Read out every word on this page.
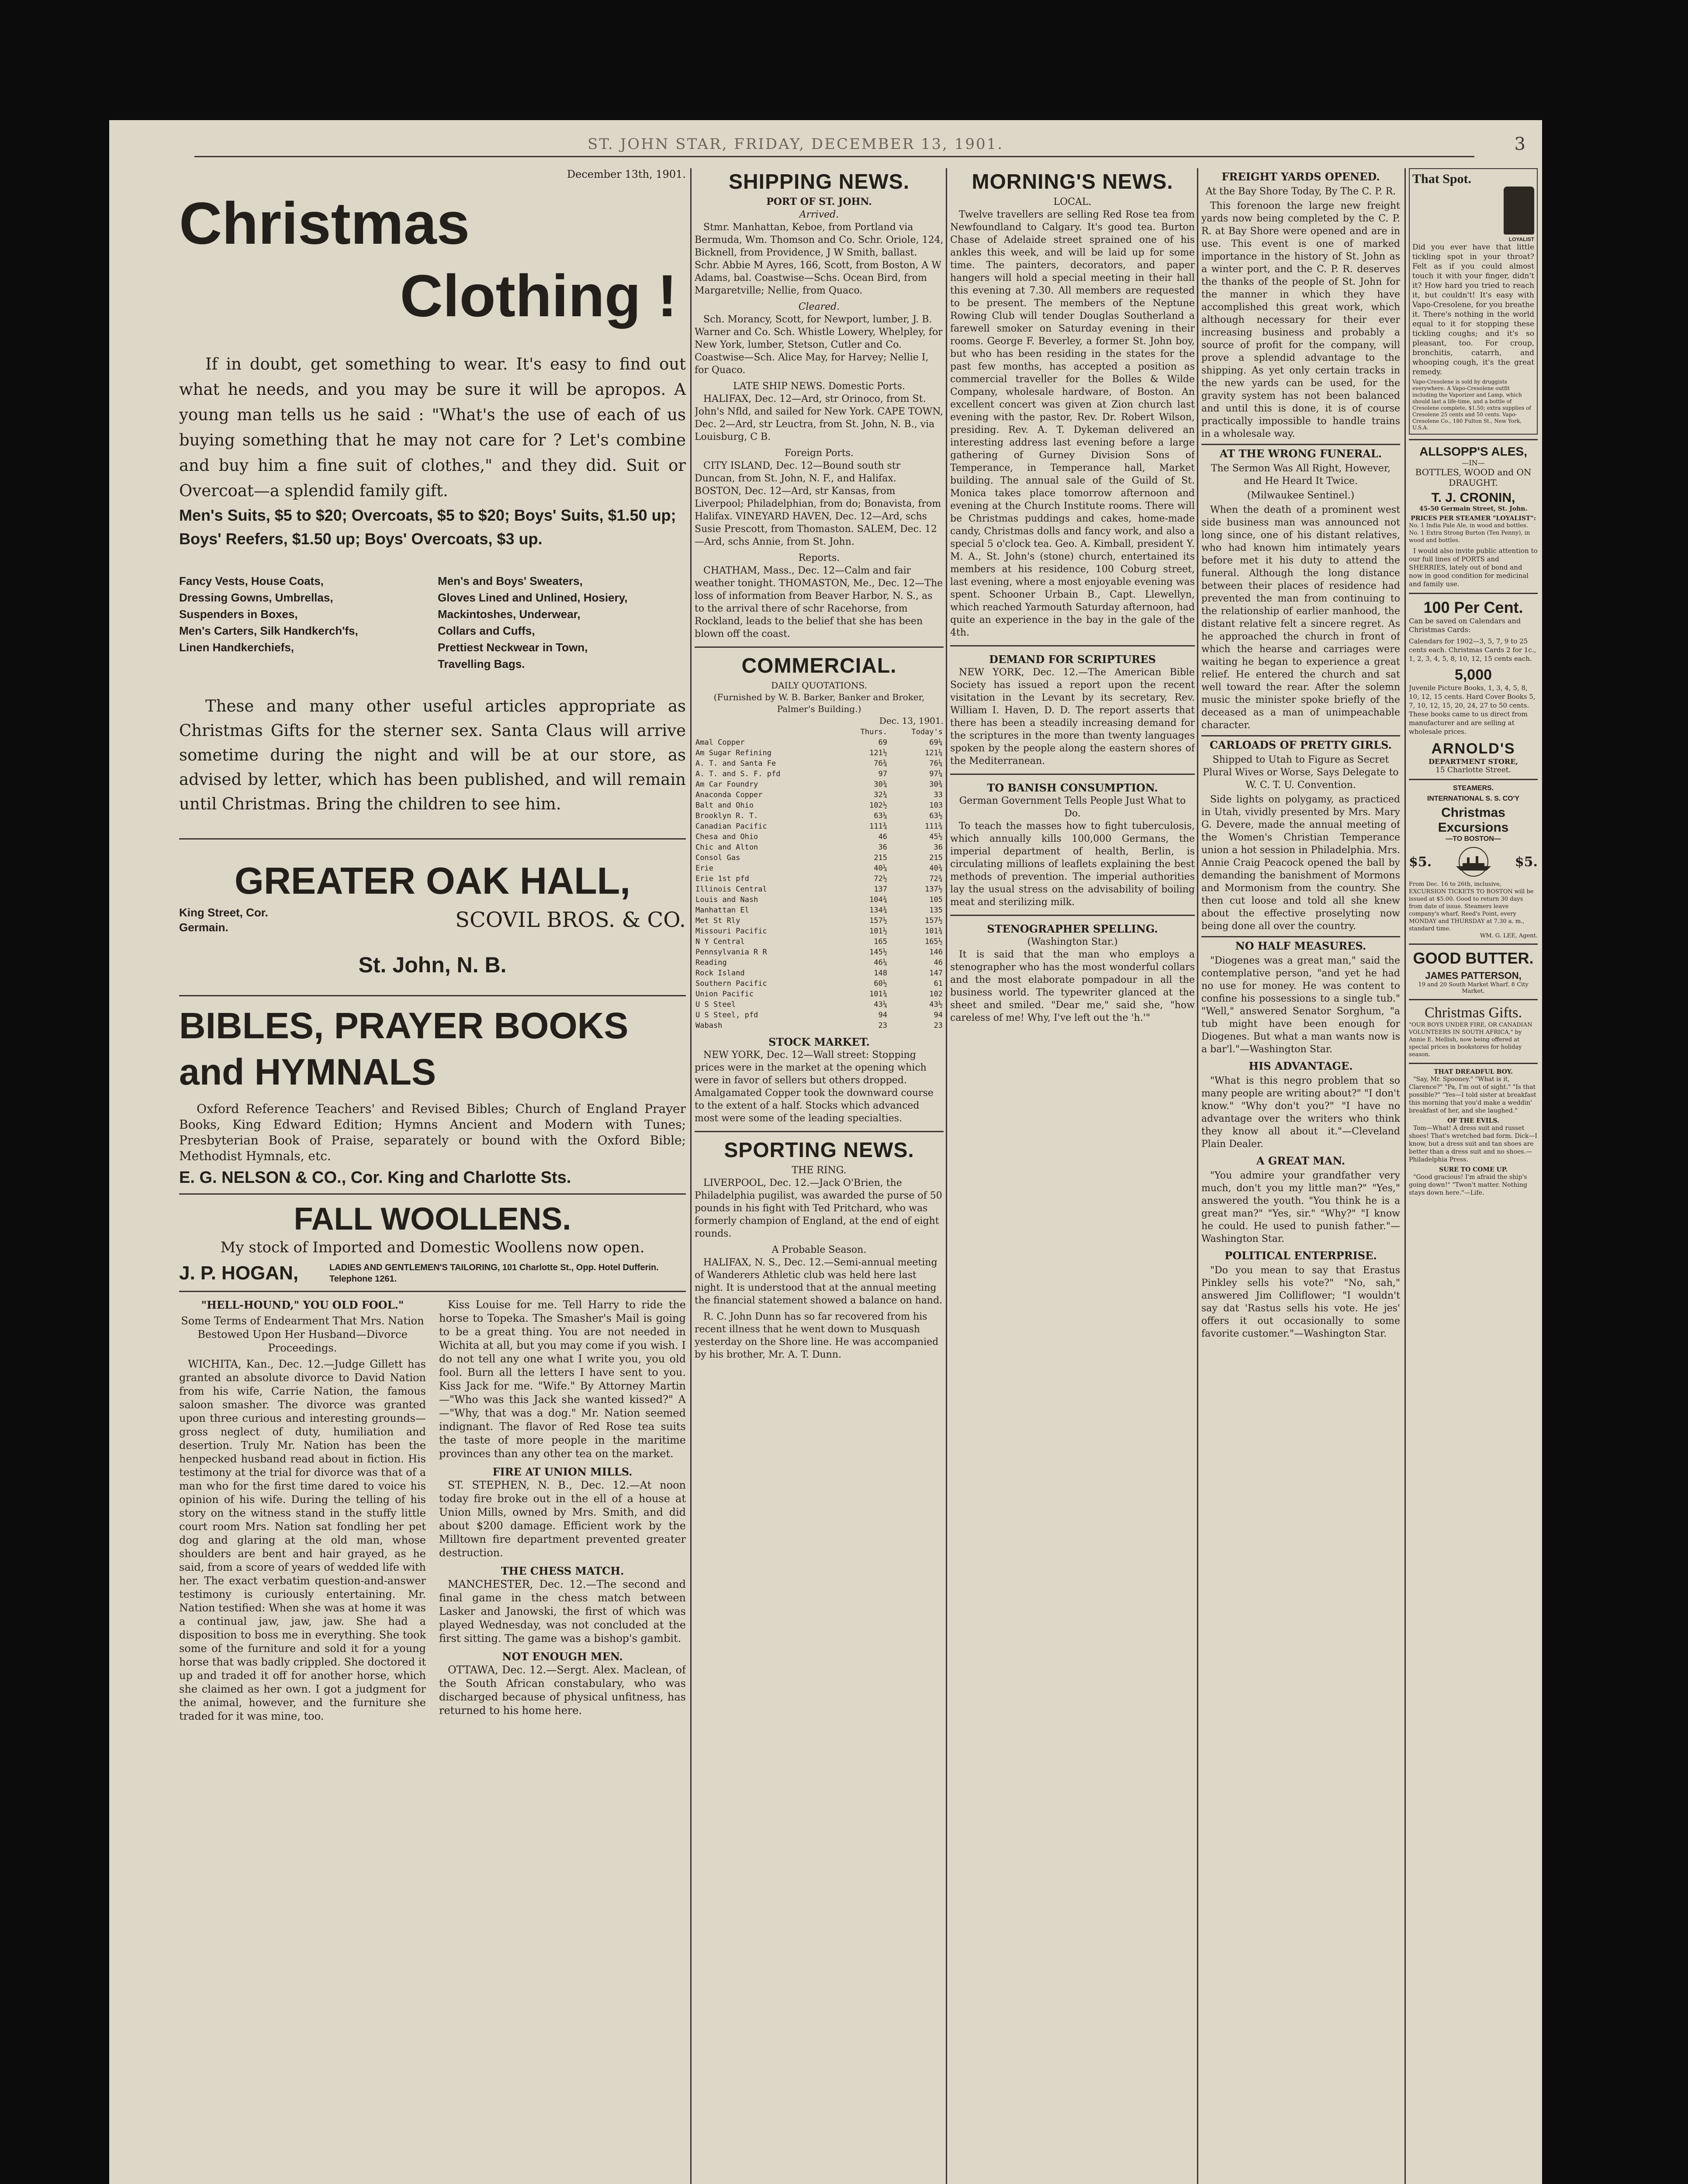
ST. JOHN STAR, FRIDAY, DECEMBER 13, 1901.	3
December 13th, 1901.
Christmas
Clothing !

If in doubt, get something to wear. It's easy to find out what he needs, and you may be sure it will be apropos. A young man tells us he said : "What's the use of each of us buying something that he may not care for ? Let's combine and buy him a fine suit of clothes," and they did. Suit or Overcoat—a splendid family gift.

Men's Suits, $5 to $20; Overcoats, $5 to $20; Boys' Suits, $1.50 up; Boys' Reefers, $1.50 up; Boys' Overcoats, $3 up.

Fancy Vests, House Coats,
Dressing Gowns, Umbrellas,
Suspenders in Boxes,
Men's Carters, Silk Handkerch'fs,
Linen Handkerchiefs,
Men's and Boys' Sweaters,
Gloves Lined and Unlined, Hosiery,
Mackintoshes, Underwear,
Collars and Cuffs,
Prettiest Neckwear in Town,
Travelling Bags.

These and many other useful articles appropriate as Christmas Gifts for the sterner sex. Santa Claus will arrive sometime during the night and will be at our store, as advised by letter, which has been published, and will remain until Christmas. Bring the children to see him.

GREATER OAK HALL,
King Street, Cor. Germain.	SCOVIL BROS. & CO.
St. John, N. B.
BIBLES, PRAYER BOOKS and HYMNALS

Oxford Reference Teachers' and Revised Bibles; Church of England Prayer Books, King Edward Edition; Hymns Ancient and Modern with Tunes; Presbyterian Book of Praise, separately or bound with the Oxford Bible; Methodist Hymnals, etc.

E. G. NELSON & CO., Cor. King and Charlotte Sts.
FALL WOOLLENS.
My stock of Imported and Domestic Woollens now open.
J. P. HOGAN,	LADIES AND GENTLEMEN'S TAILORING, 101 Charlotte St., Opp. Hotel Dufferin. Telephone 1261.
"HELL-HOUND," YOU OLD FOOL."
Some Terms of Endearment That Mrs. Nation Bestowed Upon Her Husband—Divorce Proceedings.

WICHITA, Kan., Dec. 12.—Judge Gillett has granted an absolute divorce to David Nation from his wife, Carrie Nation, the famous saloon smasher. The divorce was granted upon three curious and interesting grounds—gross neglect of duty, humiliation and desertion. Truly Mr. Nation has been the henpecked husband read about in fiction. His testimony at the trial for divorce was that of a man who for the first time dared to voice his opinion of his wife. During the telling of his story on the witness stand in the stuffy little court room Mrs. Nation sat fondling her pet dog and glaring at the old man, whose shoulders are bent and hair grayed, as he said, from a score of years of wedded life with her. The exact verbatim question-and-answer testimony is curiously entertaining. Mr. Nation testified: When she was at home it was a continual jaw, jaw, jaw. She had a disposition to boss me in everything. She took some of the furniture and sold it for a young horse that was badly crippled. She doctored it up and traded it off for another horse, which she claimed as her own. I got a judgment for the animal, however, and the furniture she traded for it was mine, too.

Kiss Louise for me. Tell Harry to ride the horse to Topeka. The Smasher's Mail is going to be a great thing. You are not needed in Wichita at all, but you may come if you wish. I do not tell any one what I write you, you old fool. Burn all the letters I have sent to you. Kiss Jack for me. "Wife." By Attorney Martin—"Who was this Jack she wanted kissed?" A—"Why, that was a dog." Mr. Nation seemed indignant. The flavor of Red Rose tea suits the taste of more people in the maritime provinces than any other tea on the market.

FIRE AT UNION MILLS.

ST. STEPHEN, N. B., Dec. 12.—At noon today fire broke out in the ell of a house at Union Mills, owned by Mrs. Smith, and did about $200 damage. Efficient work by the Milltown fire department prevented greater destruction.

THE CHESS MATCH.

MANCHESTER, Dec. 12.—The second and final game in the chess match between Lasker and Janowski, the first of which was played Wednesday, was not concluded at the first sitting. The game was a bishop's gambit.

NOT ENOUGH MEN.

OTTAWA, Dec. 12.—Sergt. Alex. Maclean, of the South African constabulary, who was discharged because of physical unfitness, has returned to his home here.

SHIPPING NEWS.
PORT OF ST. JOHN.
Arrived.

Stmr. Manhattan, Keboe, from Portland via Bermuda, Wm. Thomson and Co. Schr. Oriole, 124, Bicknell, from Providence, J W Smith, ballast. Schr. Abbie M Ayres, 166, Scott, from Boston, A W Adams, bal. Coastwise—Schs. Ocean Bird, from Margaretville; Nellie, from Quaco.

Cleared.

Sch. Morancy, Scott, for Newport, lumber, J. B. Warner and Co. Sch. Whistle Lowery, Whelpley, for New York, lumber, Stetson, Cutler and Co. Coastwise—Sch. Alice May, for Harvey; Nellie I, for Quaco.

LATE SHIP NEWS. Domestic Ports.

HALIFAX, Dec. 12—Ard, str Orinoco, from St. John's Nfld, and sailed for New York. CAPE TOWN, Dec. 2—Ard, str Leuctra, from St. John, N. B., via Louisburg, C B.

Foreign Ports.

CITY ISLAND, Dec. 12—Bound south str Duncan, from St. John, N. F., and Halifax. BOSTON, Dec. 12—Ard, str Kansas, from Liverpool; Philadelphian, from do; Bonavista, from Halifax. VINEYARD HAVEN, Dec. 12—Ard, schs Susie Prescott, from Thomaston. SALEM, Dec. 12—Ard, schs Annie, from St. John.

Reports.

CHATHAM, Mass., Dec. 12—Calm and fair weather tonight. THOMASTON, Me., Dec. 12—The loss of information from Beaver Harbor, N. S., as to the arrival there of schr Racehorse, from Rockland, leads to the belief that she has been blown off the coast.

COMMERCIAL.
DAILY QUOTATIONS.
(Furnished by W. B. Barker, Banker and Broker, Palmer's Building.)
Dec. 13, 1901.
	Thurs.	Today's
Amal Copper	69	69¼
Am Sugar Refining	121½	121¼
A. T. and Santa Fe	76¾	76¼
A. T. and S. F. pfd	97	97¼
Am Car Foundry	30¾	30¾
Anaconda Copper	32¾	33
Balt and Ohio	102½	103
Brooklyn R. T.	63¼	63½
Canadian Pacific	111¾	111¾
Chesa and Ohio	46	45½
Chic and Alton	36	36
Consol Gas	215	215
Erie	40¼	40¾
Erie 1st pfd	72½	72¾
Illinois Central	137	137½
Louis and Nash	104¾	105
Manhattan El	134¾	135
Met St Rly	157½	157½
Missouri Pacific	101½	101¾
N Y Central	165	165½
Pennsylvania R R	145½	146
Reading	46¼	46
Rock Island	148	147
Southern Pacific	60½	61
Union Pacific	101¾	102
U S Steel	43¼	43½
U S Steel, pfd	94	94
Wabash	23	23
STOCK MARKET.

NEW YORK, Dec. 12—Wall street: Stopping prices were in the market at the opening which were in favor of sellers but others dropped. Amalgamated Copper took the downward course to the extent of a half. Stocks which advanced most were some of the leading specialties.

SPORTING NEWS.
THE RING.

LIVERPOOL, Dec. 12.—Jack O'Brien, the Philadelphia pugilist, was awarded the purse of 50 pounds in his fight with Ted Pritchard, who was formerly champion of England, at the end of eight rounds.

A Probable Season.

HALIFAX, N. S., Dec. 12.—Semi-annual meeting of Wanderers Athletic club was held here last night. It is understood that at the annual meeting the financial statement showed a balance on hand.

R. C. John Dunn has so far recovered from his recent illness that he went down to Musquash yesterday on the Shore line. He was accompanied by his brother, Mr. A. T. Dunn.

MORNING'S NEWS.
LOCAL.

Twelve travellers are selling Red Rose tea from Newfoundland to Calgary. It's good tea. Burton Chase of Adelaide street sprained one of his ankles this week, and will be laid up for some time. The painters, decorators, and paper hangers will hold a special meeting in their hall this evening at 7.30. All members are requested to be present. The members of the Neptune Rowing Club will tender Douglas Southerland a farewell smoker on Saturday evening in their rooms. George F. Beverley, a former St. John boy, but who has been residing in the states for the past few months, has accepted a position as commercial traveller for the Bolles & Wilde Company, wholesale hardware, of Boston. An excellent concert was given at Zion church last evening with the pastor, Rev. Dr. Robert Wilson, presiding. Rev. A. T. Dykeman delivered an interesting address last evening before a large gathering of Gurney Division Sons of Temperance, in Temperance hall, Market building. The annual sale of the Guild of St. Monica takes place tomorrow afternoon and evening at the Church Institute rooms. There will be Christmas puddings and cakes, home-made candy, Christmas dolls and fancy work, and also a special 5 o'clock tea. Geo. A. Kimball, president Y. M. A., St. John's (stone) church, entertained its members at his residence, 100 Coburg street, last evening, where a most enjoyable evening was spent. Schooner Urbain B., Capt. Llewellyn, which reached Yarmouth Saturday afternoon, had quite an experience in the bay in the gale of the 4th.

DEMAND FOR SCRIPTURES

NEW YORK, Dec. 12.—The American Bible Society has issued a report upon the recent visitation in the Levant by its secretary, Rev. William I. Haven, D. D. The report asserts that there has been a steadily increasing demand for the scriptures in the more than twenty languages spoken by the people along the eastern shores of the Mediterranean.

TO BANISH CONSUMPTION.
German Government Tells People Just What to Do.

To teach the masses how to fight tuberculosis, which annually kills 100,000 Germans, the imperial department of health, Berlin, is circulating millions of leaflets explaining the best methods of prevention. The imperial authorities lay the usual stress on the advisability of boiling meat and sterilizing milk.

STENOGRAPHER SPELLING.
(Washington Star.)

It is said that the man who employs a stenographer who has the most wonderful collars and the most elaborate pompadour in all the business world. The typewriter glanced at the sheet and smiled. "Dear me," said she, "how careless of me! Why, I've left out the 'h.'"

FREIGHT YARDS OPENED.
At the Bay Shore Today, By The C. P. R.
This forenoon the large new freight yards now being completed by the C. P. R. at Bay Shore were opened and are in use. This event is one of marked importance in the history of St. John as a winter port, and the C. P. R. deserves the thanks of the people of St. John for the manner in which they have accomplished this great work, which although necessary for their ever increasing business and probably a source of profit for the company, will prove a splendid advantage to the shipping. As yet only certain tracks in the new yards can be used, for the gravity system has not been balanced and until this is done, it is of course practically impossible to handle trains in a wholesale way.
AT THE WRONG FUNERAL.
The Sermon Was All Right, However, and He Heard It Twice.
(Milwaukee Sentinel.)
When the death of a prominent west side business man was announced not long since, one of his distant relatives, who had known him intimately years before met it his duty to attend the funeral. Although the long distance between their places of residence had prevented the man from continuing to the relationship of earlier manhood, the distant relative felt a sincere regret. As he approached the church in front of which the hearse and carriages were waiting he began to experience a great relief. He entered the church and sat well toward the rear. After the solemn music the minister spoke briefly of the deceased as a man of unimpeachable character.
CARLOADS OF PRETTY GIRLS.
Shipped to Utah to Figure as Secret Plural Wives or Worse, Says Delegate to W. C. T. U. Convention.
Side lights on polygamy, as practiced in Utah, vividly presented by Mrs. Mary G. Devere, made the annual meeting of the Women's Christian Temperance union a hot session in Philadelphia. Mrs. Annie Craig Peacock opened the ball by demanding the banishment of Mormons and Mormonism from the country. She then cut loose and told all she knew about the effective proselyting now being done all over the country.
NO HALF MEASURES.
"Diogenes was a great man," said the contemplative person, "and yet he had no use for money. He was content to confine his possessions to a single tub." "Well," answered Senator Sorghum, "a tub might have been enough for Diogenes. But what a man wants now is a bar'l."—Washington Star.
HIS ADVANTAGE.
"What is this negro problem that so many people are writing about?" "I don't know." "Why don't you?" "I have no advantage over the writers who think they know all about it."—Cleveland Plain Dealer.
A GREAT MAN.
"You admire your grandfather very much, don't you my little man?" "Yes," answered the youth. "You think he is a great man?" "Yes, sir." "Why?" "I know he could. He used to punish father."—Washington Star.
POLITICAL ENTERPRISE.
"Do you mean to say that Erastus Pinkley sells his vote?" "No, sah," answered Jim Colliflower; "I wouldn't say dat 'Rastus sells his vote. He jes' offers it out occasionally to some favorite customer."—Washington Star.
That Spot.
LOYALIST
Did you ever have that little tickling spot in your throat? Felt as if you could almost touch it with your finger, didn't it? How hard you tried to reach it, but couldn't! It's easy with Vapo-Cresolene, for you breathe it. There's nothing in the world equal to it for stopping these tickling coughs; and it's so pleasant, too. For croup, bronchitis, catarrh, and whooping cough, it's the great remedy.
Vapo-Cresolene is sold by druggists everywhere. A Vapo-Cresolene outfit including the Vaporizer and Lamp, which should last a life-time, and a bottle of Cresolene complete, $1.50; extra supplies of Cresolene 25 cents and 50 cents. Vapo-Cresolene Co., 180 Fulton St., New York, U.S.A.
ALLSOPP'S ALES,
—IN—
BOTTLES, WOOD and ON DRAUGHT.
T. J. CRONIN,
45-50 Germain Street, St. John.
PRICES PER STEAMER "LOYALIST":
No. 1 India Pale Ale, in wood and bottles. No. 1 Extra Strong Burton (Ten Penny), in wood and bottles.
I would also invite public attention to our full lines of PORTS and SHERRIES, lately out of bond and now in good condition for medicinal and family use.
100 Per Cent.
Can be saved on Calendars and Christmas Cards:
Calendars for 1902—3, 5, 7, 9 to 25 cents each. Christmas Cards 2 for 1c., 1, 2, 3, 4, 5, 8, 10, 12, 15 cents each.
5,000
Juvenile Picture Books, 1, 3, 4, 5, 8, 10, 12, 15 cents. Hard Cover Books 5, 7, 10, 12, 15, 20, 24, 27 to 50 cents. These books came to us direct from manufacturer and are selling at wholesale prices.
ARNOLD'S
DEPARTMENT STORE,
15 Charlotte Street.
STEAMERS.
INTERNATIONAL S. S. CO'Y
Christmas Excursions
—TO BOSTON—
$5.	$5.
From Dec. 16 to 26th, inclusive, EXCURSION TICKETS TO BOSTON will be issued at $5.00. Good to return 30 days from date of issue. Steamers leave company's wharf, Reed's Point, every MONDAY and THURSDAY at 7.30 a. m., standard time.
WM. G. LEE, Agent.
GOOD BUTTER.
JAMES PATTERSON,
19 and 20 South Market Wharf. 8 City Market.
Christmas Gifts.
"OUR BOYS UNDER FIRE, OR CANADIAN VOLUNTEERS IN SOUTH AFRICA," by Annie E. Mellish, now being offered at special prices in bookstores for holiday season.
THAT DREADFUL BOY.
"Say, Mr. Spooney." "What is it, Clarence?" "Pa, I'm out of sight." "Is that possible?" "Yes—I told sister at breakfast this morning that you'd make a weddin' breakfast of her, and she laughed."
OF THE EVILS.
Tom—What! A dress suit and russet shoes! That's wretched bad form. Dick—I know, but a dress suit and tan shoes are better than a dress suit and no shoes.—Philadelphia Press.
SURE TO COME UP.
"Good gracious! I'm afraid the ship's going down!" "Twon't matter. Nothing stays down here."—Life.
